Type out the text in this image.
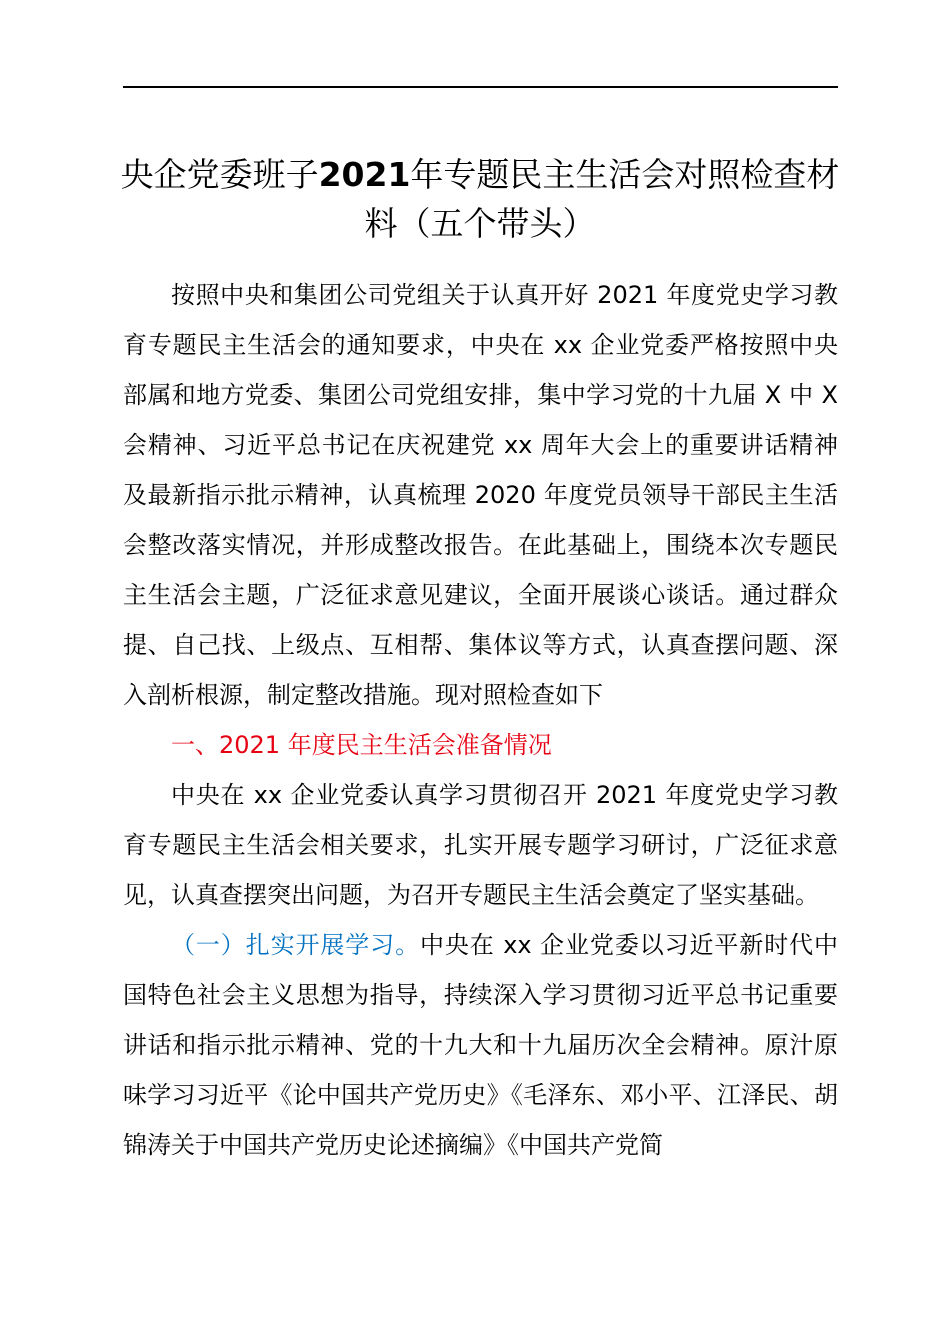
央企党委班子2021年专题民主生活会对照检查材料（五个带头）

按照中央和集团公司党组关于认真开好 2021 年度党史学习教育专题民主生活会的通知要求，中央在 xx 企业党委严格按照中央部属和地方党委、集团公司党组安排，集中学习党的十九届 X 中 X 会精神、习近平总书记在庆祝建党 xx 周年大会上的重要讲话精神及最新指示批示精神，认真梳理 2020 年度党员领导干部民主生活会整改落实情况，并形成整改报告。在此基础上，围绕本次专题民主生活会主题，广泛征求意见建议，全面开展谈心谈话。通过群众提、自己找、上级点、互相帮、集体议等方式，认真查摆问题、深入剖析根源，制定整改措施。现对照检查如下

一、2021 年度民主生活会准备情况

中央在 xx 企业党委认真学习贯彻召开 2021 年度党史学习教育专题民主生活会相关要求，扎实开展专题学习研讨，广泛征求意见，认真查摆突出问题，为召开专题民主生活会奠定了坚实基础。

（一）扎实开展学习。中央在 xx 企业党委以习近平新时代中国特色社会主义思想为指导，持续深入学习贯彻习近平总书记重要讲话和指示批示精神、党的十九大和十九届历次全会精神。原汁原味学习习近平《论中国共产党历史》《毛泽东、邓小平、江泽民、胡锦涛关于中国共产党历史论述摘编》《中国共产党简
